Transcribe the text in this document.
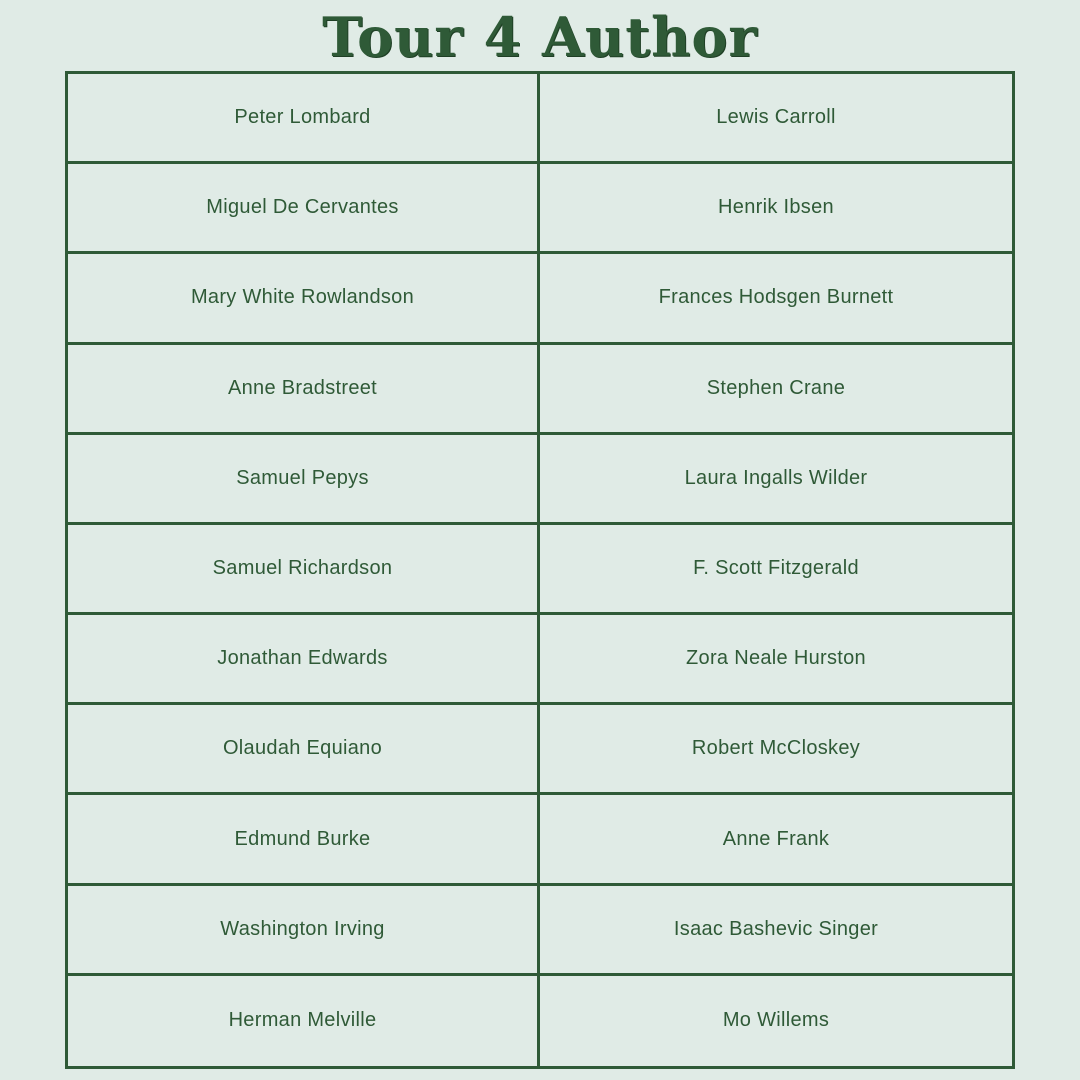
Tour 4 Author
Peter Lombard	Lewis Carroll
Miguel De Cervantes	Henrik Ibsen
Mary White Rowlandson	Frances Hodsgen Burnett
Anne Bradstreet	Stephen Crane
Samuel Pepys	Laura Ingalls Wilder
Samuel Richardson	F. Scott Fitzgerald
Jonathan Edwards	Zora Neale Hurston
Olaudah Equiano	Robert McCloskey
Edmund Burke	Anne Frank
Washington Irving	Isaac Bashevic Singer
Herman Melville	Mo Willems
